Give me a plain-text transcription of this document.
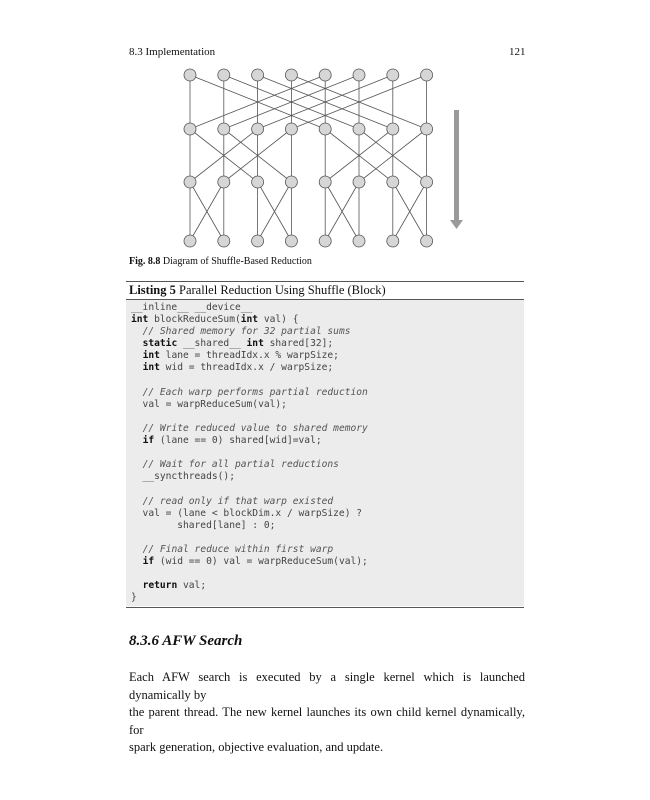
8.3 Implementation	121
Fig. 8.8 Diagram of Shuffle-Based Reduction
Listing 5 Parallel Reduction Using Shuffle (Block)
__inline__ __device__
int blockReduceSum(int val) {
// Shared memory for 32 partial sums
static __shared__ int shared[32];
int lane = threadIdx.x % warpSize;
int wid = threadIdx.x / warpSize;

// Each warp performs partial reduction
val = warpReduceSum(val);

// Write reduced value to shared memory
if (lane == 0) shared[wid]=val;

// Wait for all partial reductions
__syncthreads();

// read only if that warp existed
val = (lane < blockDim.x / warpSize) ?
shared[lane] : 0;

// Final reduce within first warp
if (wid == 0) val = warpReduceSum(val);

return val;
}

8.3.6 AFW Search
Each AFW search is executed by a single kernel which is launched dynamically by
the parent thread. The new kernel launches its own child kernel dynamically, for
spark generation, objective evaluation, and update.
